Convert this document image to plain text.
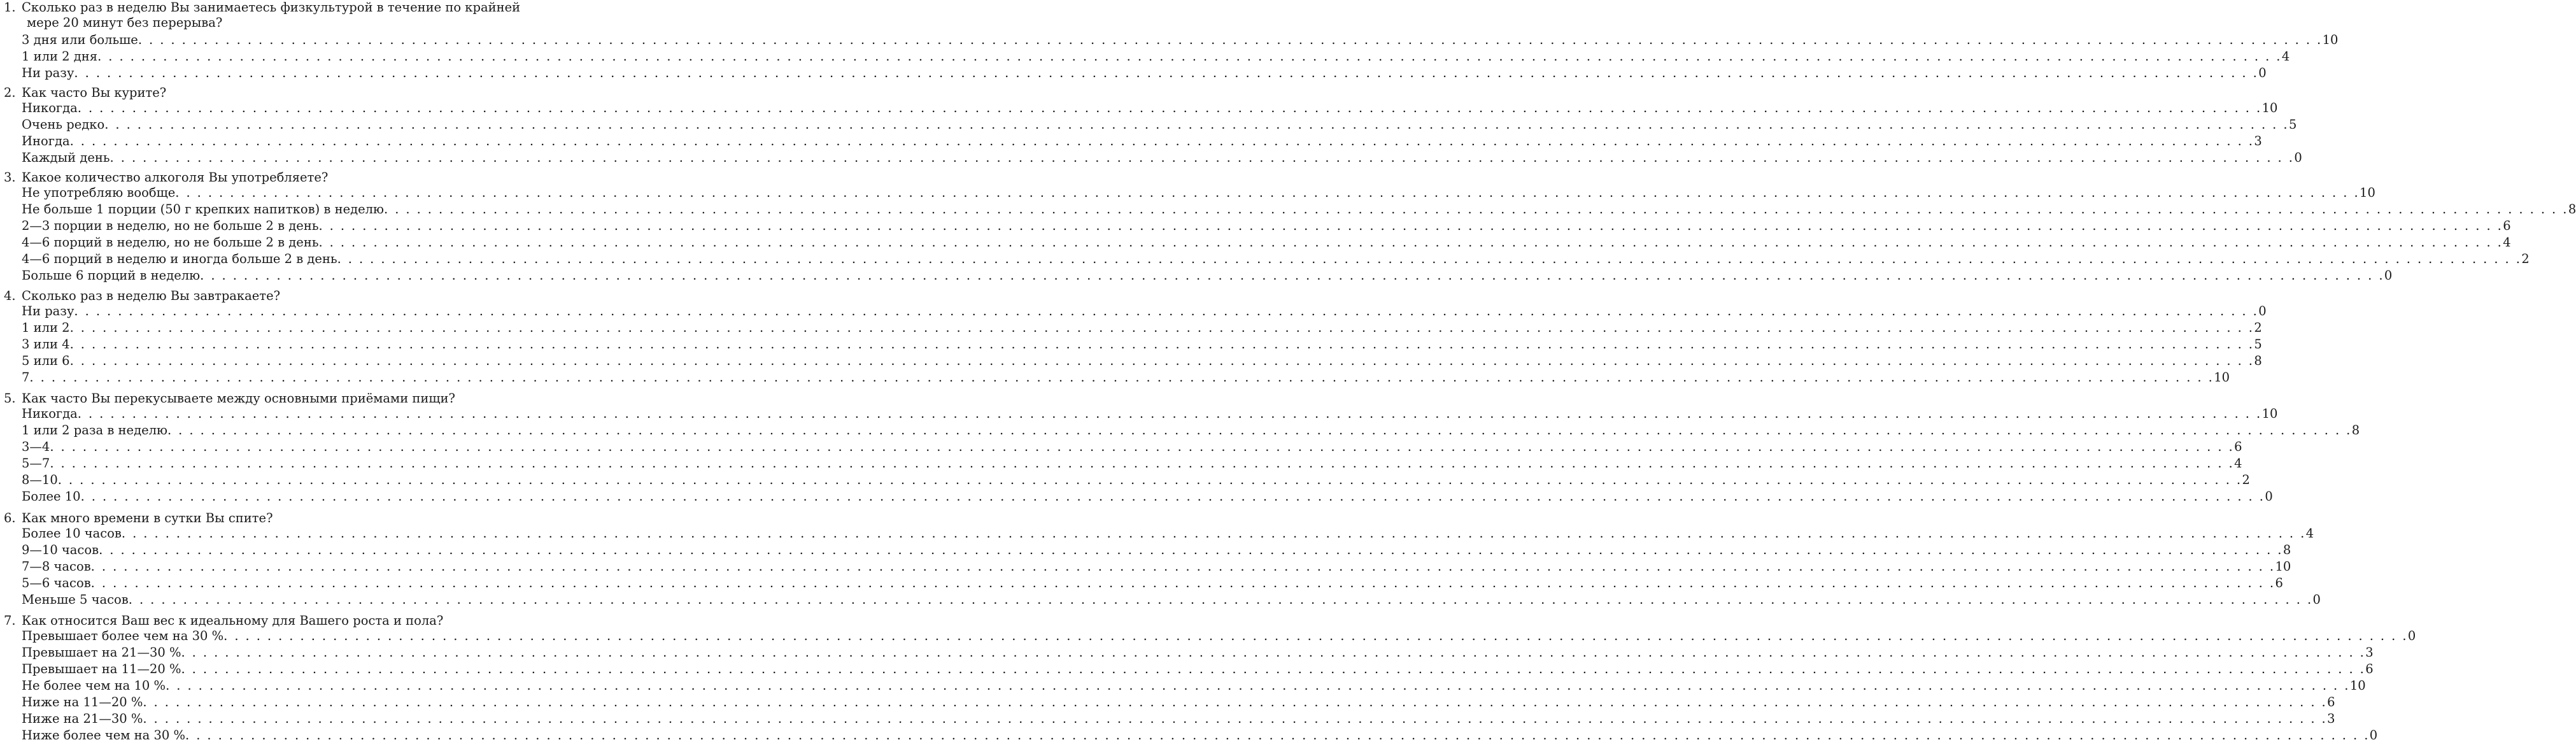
1. Сколько раз в неделю Вы занимаетесь физкультурой в течение по крайней
мере 20 минут без перерыва?
3 дня или больше . . . . . . . . . . . . . . . . . . . . . . . . . . . . . . . . . . . . . . . . . . . . . . . . . . . . . . . . . . . . . . . . . . . . . . . . . . . . . . . . . . . . . . . . . . . . . . . . . . . . . . . . . . . . . . . . . . . . . . . . . . . . . . . . . . . . . . . . . . . . . . . . . . . . . . . . . . . . . . . . . . . . . . . . . . . . . . . . . . . . . . . . . . . . . . . . . . . . . . . . 10
1 или 2 дня . . . . . . . . . . . . . . . . . . . . . . . . . . . . . . . . . . . . . . . . . . . . . . . . . . . . . . . . . . . . . . . . . . . . . . . . . . . . . . . . . . . . . . . . . . . . . . . . . . . . . . . . . . . . . . . . . . . . . . . . . . . . . . . . . . . . . . . . . . . . . . . . . . . . . . . . . . . . . . . . . . . . . . . . . . . . . . . . . . . . . . . . . . . . . . . . . . . . . . . . 4
Ни разу . . . . . . . . . . . . . . . . . . . . . . . . . . . . . . . . . . . . . . . . . . . . . . . . . . . . . . . . . . . . . . . . . . . . . . . . . . . . . . . . . . . . . . . . . . . . . . . . . . . . . . . . . . . . . . . . . . . . . . . . . . . . . . . . . . . . . . . . . . . . . . . . . . . . . . . . . . . . . . . . . . . . . . . . . . . . . . . . . . . . . . . . . . . . . . . . . . . . . . . . 0
2. Как часто Вы курите?
Никогда . . . . . . . . . . . . . . . . . . . . . . . . . . . . . . . . . . . . . . . . . . . . . . . . . . . . . . . . . . . . . . . . . . . . . . . . . . . . . . . . . . . . . . . . . . . . . . . . . . . . . . . . . . . . . . . . . . . . . . . . . . . . . . . . . . . . . . . . . . . . . . . . . . . . . . . . . . . . . . . . . . . . . . . . . . . . . . . . . . . . . . . . . . . . . . . . . . . . . . . . 10
Очень редко . . . . . . . . . . . . . . . . . . . . . . . . . . . . . . . . . . . . . . . . . . . . . . . . . . . . . . . . . . . . . . . . . . . . . . . . . . . . . . . . . . . . . . . . . . . . . . . . . . . . . . . . . . . . . . . . . . . . . . . . . . . . . . . . . . . . . . . . . . . . . . . . . . . . . . . . . . . . . . . . . . . . . . . . . . . . . . . . . . . . . . . . . . . . . . . . . . . . . . . . 5
Иногда . . . . . . . . . . . . . . . . . . . . . . . . . . . . . . . . . . . . . . . . . . . . . . . . . . . . . . . . . . . . . . . . . . . . . . . . . . . . . . . . . . . . . . . . . . . . . . . . . . . . . . . . . . . . . . . . . . . . . . . . . . . . . . . . . . . . . . . . . . . . . . . . . . . . . . . . . . . . . . . . . . . . . . . . . . . . . . . . . . . . . . . . . . . . . . . . . . . . . . . . 3
Каждый день . . . . . . . . . . . . . . . . . . . . . . . . . . . . . . . . . . . . . . . . . . . . . . . . . . . . . . . . . . . . . . . . . . . . . . . . . . . . . . . . . . . . . . . . . . . . . . . . . . . . . . . . . . . . . . . . . . . . . . . . . . . . . . . . . . . . . . . . . . . . . . . . . . . . . . . . . . . . . . . . . . . . . . . . . . . . . . . . . . . . . . . . . . . . . . . . . . . . . . . . 0
3. Какое количество алкоголя Вы употребляете?
Не употребляю вообще . . . . . . . . . . . . . . . . . . . . . . . . . . . . . . . . . . . . . . . . . . . . . . . . . . . . . . . . . . . . . . . . . . . . . . . . . . . . . . . . . . . . . . . . . . . . . . . . . . . . . . . . . . . . . . . . . . . . . . . . . . . . . . . . . . . . . . . . . . . . . . . . . . . . . . . . . . . . . . . . . . . . . . . . . . . . . . . . . . . . . . . . . . . . . . . . . . . . . . . . 10
Не больше 1 порции (50 г крепких напитков) в неделю . . . . . . . . . . . . . . . . . . . . . . . . . . . . . . . . . . . . . . . . . . . . . . . . . . . . . . . . . . . . . . . . . . . . . . . . . . . . . . . . . . . . . . . . . . . . . . . . . . . . . . . . . . . . . . . . . . . . . . . . . . . . . . . . . . . . . . . . . . . . . . . . . . . . . . . . . . . . . . . . . . . . . . . . . . . . . . . . . . . . . . . . . . . . . . . . . . . . . . . . 8
2—3 порции в неделю, но не больше 2 в день . . . . . . . . . . . . . . . . . . . . . . . . . . . . . . . . . . . . . . . . . . . . . . . . . . . . . . . . . . . . . . . . . . . . . . . . . . . . . . . . . . . . . . . . . . . . . . . . . . . . . . . . . . . . . . . . . . . . . . . . . . . . . . . . . . . . . . . . . . . . . . . . . . . . . . . . . . . . . . . . . . . . . . . . . . . . . . . . . . . . . . . . . . . . . . . . . . . . . . . . 6
4—6 порций в неделю, но не больше 2 в день . . . . . . . . . . . . . . . . . . . . . . . . . . . . . . . . . . . . . . . . . . . . . . . . . . . . . . . . . . . . . . . . . . . . . . . . . . . . . . . . . . . . . . . . . . . . . . . . . . . . . . . . . . . . . . . . . . . . . . . . . . . . . . . . . . . . . . . . . . . . . . . . . . . . . . . . . . . . . . . . . . . . . . . . . . . . . . . . . . . . . . . . . . . . . . . . . . . . . . . . 4
4—6 порций в неделю и иногда больше 2 в день . . . . . . . . . . . . . . . . . . . . . . . . . . . . . . . . . . . . . . . . . . . . . . . . . . . . . . . . . . . . . . . . . . . . . . . . . . . . . . . . . . . . . . . . . . . . . . . . . . . . . . . . . . . . . . . . . . . . . . . . . . . . . . . . . . . . . . . . . . . . . . . . . . . . . . . . . . . . . . . . . . . . . . . . . . . . . . . . . . . . . . . . . . . . . . . . . . . . . . . . 2
Больше 6 порций в неделю . . . . . . . . . . . . . . . . . . . . . . . . . . . . . . . . . . . . . . . . . . . . . . . . . . . . . . . . . . . . . . . . . . . . . . . . . . . . . . . . . . . . . . . . . . . . . . . . . . . . . . . . . . . . . . . . . . . . . . . . . . . . . . . . . . . . . . . . . . . . . . . . . . . . . . . . . . . . . . . . . . . . . . . . . . . . . . . . . . . . . . . . . . . . . . . . . . . . . . . . 0
4. Сколько раз в неделю Вы завтракаете?
Ни разу . . . . . . . . . . . . . . . . . . . . . . . . . . . . . . . . . . . . . . . . . . . . . . . . . . . . . . . . . . . . . . . . . . . . . . . . . . . . . . . . . . . . . . . . . . . . . . . . . . . . . . . . . . . . . . . . . . . . . . . . . . . . . . . . . . . . . . . . . . . . . . . . . . . . . . . . . . . . . . . . . . . . . . . . . . . . . . . . . . . . . . . . . . . . . . . . . . . . . . . . 0
1 или 2 . . . . . . . . . . . . . . . . . . . . . . . . . . . . . . . . . . . . . . . . . . . . . . . . . . . . . . . . . . . . . . . . . . . . . . . . . . . . . . . . . . . . . . . . . . . . . . . . . . . . . . . . . . . . . . . . . . . . . . . . . . . . . . . . . . . . . . . . . . . . . . . . . . . . . . . . . . . . . . . . . . . . . . . . . . . . . . . . . . . . . . . . . . . . . . . . . . . . . . . . 2
3 или 4 . . . . . . . . . . . . . . . . . . . . . . . . . . . . . . . . . . . . . . . . . . . . . . . . . . . . . . . . . . . . . . . . . . . . . . . . . . . . . . . . . . . . . . . . . . . . . . . . . . . . . . . . . . . . . . . . . . . . . . . . . . . . . . . . . . . . . . . . . . . . . . . . . . . . . . . . . . . . . . . . . . . . . . . . . . . . . . . . . . . . . . . . . . . . . . . . . . . . . . . . 5
5 или 6 . . . . . . . . . . . . . . . . . . . . . . . . . . . . . . . . . . . . . . . . . . . . . . . . . . . . . . . . . . . . . . . . . . . . . . . . . . . . . . . . . . . . . . . . . . . . . . . . . . . . . . . . . . . . . . . . . . . . . . . . . . . . . . . . . . . . . . . . . . . . . . . . . . . . . . . . . . . . . . . . . . . . . . . . . . . . . . . . . . . . . . . . . . . . . . . . . . . . . . . . 8
7 . . . . . . . . . . . . . . . . . . . . . . . . . . . . . . . . . . . . . . . . . . . . . . . . . . . . . . . . . . . . . . . . . . . . . . . . . . . . . . . . . . . . . . . . . . . . . . . . . . . . . . . . . . . . . . . . . . . . . . . . . . . . . . . . . . . . . . . . . . . . . . . . . . . . . . . . . . . . . . . . . . . . . . . . . . . . . . . . . . . . . . . . . . . . . . . . . . . . . . . . 10
5. Как часто Вы перекусываете между основными приёмами пищи?
Никогда . . . . . . . . . . . . . . . . . . . . . . . . . . . . . . . . . . . . . . . . . . . . . . . . . . . . . . . . . . . . . . . . . . . . . . . . . . . . . . . . . . . . . . . . . . . . . . . . . . . . . . . . . . . . . . . . . . . . . . . . . . . . . . . . . . . . . . . . . . . . . . . . . . . . . . . . . . . . . . . . . . . . . . . . . . . . . . . . . . . . . . . . . . . . . . . . . . . . . . . . 10
1 или 2 раза в неделю . . . . . . . . . . . . . . . . . . . . . . . . . . . . . . . . . . . . . . . . . . . . . . . . . . . . . . . . . . . . . . . . . . . . . . . . . . . . . . . . . . . . . . . . . . . . . . . . . . . . . . . . . . . . . . . . . . . . . . . . . . . . . . . . . . . . . . . . . . . . . . . . . . . . . . . . . . . . . . . . . . . . . . . . . . . . . . . . . . . . . . . . . . . . . . . . . . . . . . . . 8
3—4 . . . . . . . . . . . . . . . . . . . . . . . . . . . . . . . . . . . . . . . . . . . . . . . . . . . . . . . . . . . . . . . . . . . . . . . . . . . . . . . . . . . . . . . . . . . . . . . . . . . . . . . . . . . . . . . . . . . . . . . . . . . . . . . . . . . . . . . . . . . . . . . . . . . . . . . . . . . . . . . . . . . . . . . . . . . . . . . . . . . . . . . . . . . . . . . . . . . . . . . . 6
5—7 . . . . . . . . . . . . . . . . . . . . . . . . . . . . . . . . . . . . . . . . . . . . . . . . . . . . . . . . . . . . . . . . . . . . . . . . . . . . . . . . . . . . . . . . . . . . . . . . . . . . . . . . . . . . . . . . . . . . . . . . . . . . . . . . . . . . . . . . . . . . . . . . . . . . . . . . . . . . . . . . . . . . . . . . . . . . . . . . . . . . . . . . . . . . . . . . . . . . . . . . 4
8—10 . . . . . . . . . . . . . . . . . . . . . . . . . . . . . . . . . . . . . . . . . . . . . . . . . . . . . . . . . . . . . . . . . . . . . . . . . . . . . . . . . . . . . . . . . . . . . . . . . . . . . . . . . . . . . . . . . . . . . . . . . . . . . . . . . . . . . . . . . . . . . . . . . . . . . . . . . . . . . . . . . . . . . . . . . . . . . . . . . . . . . . . . . . . . . . . . . . . . . . . . 2
Более 10 . . . . . . . . . . . . . . . . . . . . . . . . . . . . . . . . . . . . . . . . . . . . . . . . . . . . . . . . . . . . . . . . . . . . . . . . . . . . . . . . . . . . . . . . . . . . . . . . . . . . . . . . . . . . . . . . . . . . . . . . . . . . . . . . . . . . . . . . . . . . . . . . . . . . . . . . . . . . . . . . . . . . . . . . . . . . . . . . . . . . . . . . . . . . . . . . . . . . . . . . 0
6. Как много времени в сутки Вы спите?
Более 10 часов . . . . . . . . . . . . . . . . . . . . . . . . . . . . . . . . . . . . . . . . . . . . . . . . . . . . . . . . . . . . . . . . . . . . . . . . . . . . . . . . . . . . . . . . . . . . . . . . . . . . . . . . . . . . . . . . . . . . . . . . . . . . . . . . . . . . . . . . . . . . . . . . . . . . . . . . . . . . . . . . . . . . . . . . . . . . . . . . . . . . . . . . . . . . . . . . . . . . . . . . 4
9—10 часов . . . . . . . . . . . . . . . . . . . . . . . . . . . . . . . . . . . . . . . . . . . . . . . . . . . . . . . . . . . . . . . . . . . . . . . . . . . . . . . . . . . . . . . . . . . . . . . . . . . . . . . . . . . . . . . . . . . . . . . . . . . . . . . . . . . . . . . . . . . . . . . . . . . . . . . . . . . . . . . . . . . . . . . . . . . . . . . . . . . . . . . . . . . . . . . . . . . . . . . . 8
7—8 часов . . . . . . . . . . . . . . . . . . . . . . . . . . . . . . . . . . . . . . . . . . . . . . . . . . . . . . . . . . . . . . . . . . . . . . . . . . . . . . . . . . . . . . . . . . . . . . . . . . . . . . . . . . . . . . . . . . . . . . . . . . . . . . . . . . . . . . . . . . . . . . . . . . . . . . . . . . . . . . . . . . . . . . . . . . . . . . . . . . . . . . . . . . . . . . . . . . . . . . . . 10
5—6 часов . . . . . . . . . . . . . . . . . . . . . . . . . . . . . . . . . . . . . . . . . . . . . . . . . . . . . . . . . . . . . . . . . . . . . . . . . . . . . . . . . . . . . . . . . . . . . . . . . . . . . . . . . . . . . . . . . . . . . . . . . . . . . . . . . . . . . . . . . . . . . . . . . . . . . . . . . . . . . . . . . . . . . . . . . . . . . . . . . . . . . . . . . . . . . . . . . . . . . . . . 6
Меньше 5 часов . . . . . . . . . . . . . . . . . . . . . . . . . . . . . . . . . . . . . . . . . . . . . . . . . . . . . . . . . . . . . . . . . . . . . . . . . . . . . . . . . . . . . . . . . . . . . . . . . . . . . . . . . . . . . . . . . . . . . . . . . . . . . . . . . . . . . . . . . . . . . . . . . . . . . . . . . . . . . . . . . . . . . . . . . . . . . . . . . . . . . . . . . . . . . . . . . . . . . . . . 0
7. Как относится Ваш вес к идеальному для Вашего роста и пола?
Превышает более чем на 30 % . . . . . . . . . . . . . . . . . . . . . . . . . . . . . . . . . . . . . . . . . . . . . . . . . . . . . . . . . . . . . . . . . . . . . . . . . . . . . . . . . . . . . . . . . . . . . . . . . . . . . . . . . . . . . . . . . . . . . . . . . . . . . . . . . . . . . . . . . . . . . . . . . . . . . . . . . . . . . . . . . . . . . . . . . . . . . . . . . . . . . . . . . . . . . . . . . . . . . . . . 0
Превышает на 21—30 % . . . . . . . . . . . . . . . . . . . . . . . . . . . . . . . . . . . . . . . . . . . . . . . . . . . . . . . . . . . . . . . . . . . . . . . . . . . . . . . . . . . . . . . . . . . . . . . . . . . . . . . . . . . . . . . . . . . . . . . . . . . . . . . . . . . . . . . . . . . . . . . . . . . . . . . . . . . . . . . . . . . . . . . . . . . . . . . . . . . . . . . . . . . . . . . . . . . . . . . . 3
Превышает на 11—20 % . . . . . . . . . . . . . . . . . . . . . . . . . . . . . . . . . . . . . . . . . . . . . . . . . . . . . . . . . . . . . . . . . . . . . . . . . . . . . . . . . . . . . . . . . . . . . . . . . . . . . . . . . . . . . . . . . . . . . . . . . . . . . . . . . . . . . . . . . . . . . . . . . . . . . . . . . . . . . . . . . . . . . . . . . . . . . . . . . . . . . . . . . . . . . . . . . . . . . . . . 6
Не более чем на 10 % . . . . . . . . . . . . . . . . . . . . . . . . . . . . . . . . . . . . . . . . . . . . . . . . . . . . . . . . . . . . . . . . . . . . . . . . . . . . . . . . . . . . . . . . . . . . . . . . . . . . . . . . . . . . . . . . . . . . . . . . . . . . . . . . . . . . . . . . . . . . . . . . . . . . . . . . . . . . . . . . . . . . . . . . . . . . . . . . . . . . . . . . . . . . . . . . . . . . . . . . 10
Ниже на 11—20 % . . . . . . . . . . . . . . . . . . . . . . . . . . . . . . . . . . . . . . . . . . . . . . . . . . . . . . . . . . . . . . . . . . . . . . . . . . . . . . . . . . . . . . . . . . . . . . . . . . . . . . . . . . . . . . . . . . . . . . . . . . . . . . . . . . . . . . . . . . . . . . . . . . . . . . . . . . . . . . . . . . . . . . . . . . . . . . . . . . . . . . . . . . . . . . . . . . . . . . . . 6
Ниже на 21—30 % . . . . . . . . . . . . . . . . . . . . . . . . . . . . . . . . . . . . . . . . . . . . . . . . . . . . . . . . . . . . . . . . . . . . . . . . . . . . . . . . . . . . . . . . . . . . . . . . . . . . . . . . . . . . . . . . . . . . . . . . . . . . . . . . . . . . . . . . . . . . . . . . . . . . . . . . . . . . . . . . . . . . . . . . . . . . . . . . . . . . . . . . . . . . . . . . . . . . . . . . 3
Ниже более чем на 30 % . . . . . . . . . . . . . . . . . . . . . . . . . . . . . . . . . . . . . . . . . . . . . . . . . . . . . . . . . . . . . . . . . . . . . . . . . . . . . . . . . . . . . . . . . . . . . . . . . . . . . . . . . . . . . . . . . . . . . . . . . . . . . . . . . . . . . . . . . . . . . . . . . . . . . . . . . . . . . . . . . . . . . . . . . . . . . . . . . . . . . . . . . . . . . . . . . . . . . . . . 0
